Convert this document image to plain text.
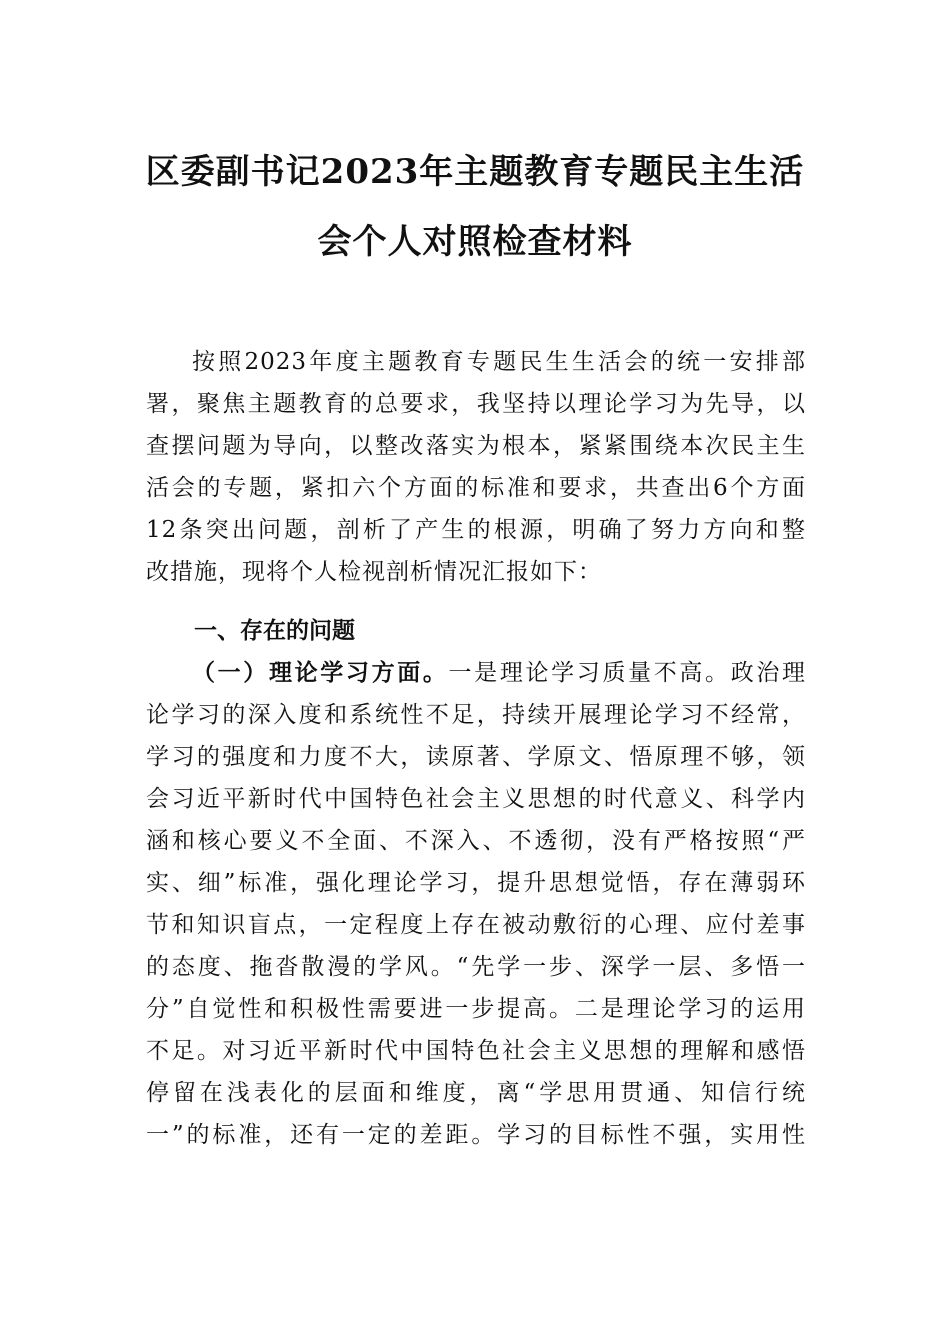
区委副书记2023年主题教育专题民主生活
会个人对照检查材料
按照2023年度主题教育专题民生生活会的统一安排部
署，聚焦主题教育的总要求，我坚持以理论学习为先导，以
查摆问题为导向，以整改落实为根本，紧紧围绕本次民主生
活会的专题，紧扣六个方面的标准和要求，共查出6个方面
12条突出问题，剖析了产生的根源，明确了努力方向和整
改措施，现将个人检视剖析情况汇报如下：
一、存在的问题
（一）理论学习方面。一是理论学习质量不高。政治理
论学习的深入度和系统性不足，持续开展理论学习不经常，
学习的强度和力度不大，读原著、学原文、悟原理不够，领
会习近平新时代中国特色社会主义思想的时代意义、科学内
涵和核心要义不全面、不深入、不透彻，没有严格按照“严
实、细”标准，强化理论学习，提升思想觉悟，存在薄弱环
节和知识盲点，一定程度上存在被动敷衍的心理、应付差事
的态度、拖沓散漫的学风。“先学一步、深学一层、多悟一
分”自觉性和积极性需要进一步提高。二是理论学习的运用
不足。对习近平新时代中国特色社会主义思想的理解和感悟
停留在浅表化的层面和维度，离“学思用贯通、知信行统
一”的标准，还有一定的差距。学习的目标性不强，实用性
